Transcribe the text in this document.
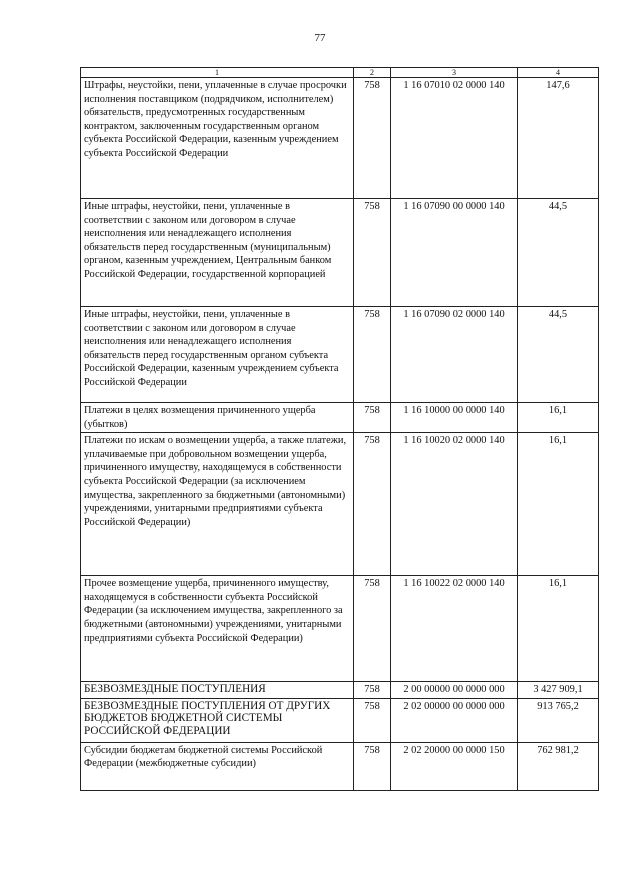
77
1	2	3	4
Штрафы, неустойки, пени, уплаченные в случае просрочки исполнения поставщиком (подрядчиком, исполнителем) обязательств, предусмотренных государственным контрактом, заключенным государственным органом субъекта Российской Федерации, казенным учреждением субъекта Российской Федерации	758	1 16 07010 02 0000 140	147,6
Иные штрафы, неустойки, пени, уплаченные в соответствии с законом или договором в случае неисполнения или ненадлежащего исполнения обязательств перед государственным (муниципальным) органом, казенным учреждением, Центральным банком Российской Федерации, государственной корпорацией	758	1 16 07090 00 0000 140	44,5
Иные штрафы, неустойки, пени, уплаченные в соответствии с законом или договором в случае неисполнения или ненадлежащего исполнения обязательств перед государственным органом субъекта Российской Федерации, казенным учреждением субъекта Российской Федерации	758	1 16 07090 02 0000 140	44,5
Платежи в целях возмещения причиненного ущерба (убытков)	758	1 16 10000 00 0000 140	16,1
Платежи по искам о возмещении ущерба, а также платежи, уплачиваемые при добровольном возмещении ущерба, причиненного имуществу, находящемуся в собственности субъекта Российской Федерации (за исключением имущества, закрепленного за бюджетными (автономными) учреждениями, унитарными предприятиями субъекта Российской Федерации)	758	1 16 10020 02 0000 140	16,1
Прочее возмещение ущерба, причиненного имуществу, находящемуся в собственности субъекта Российской Федерации (за исключением имущества, закрепленного за бюджетными (автономными) учреждениями, унитарными предприятиями субъекта Российской Федерации)	758	1 16 10022 02 0000 140	16,1
БЕЗВОЗМЕЗДНЫЕ ПОСТУПЛЕНИЯ	758	2 00 00000 00 0000 000	3 427 909,1
БЕЗВОЗМЕЗДНЫЕ ПОСТУПЛЕНИЯ ОТ ДРУГИХ БЮДЖЕТОВ БЮДЖЕТНОЙ СИСТЕМЫ РОССИЙСКОЙ ФЕДЕРАЦИИ	758	2 02 00000 00 0000 000	913 765,2
Субсидии бюджетам бюджетной системы Российской Федерации (межбюджетные субсидии)	758	2 02 20000 00 0000 150	762 981,2
